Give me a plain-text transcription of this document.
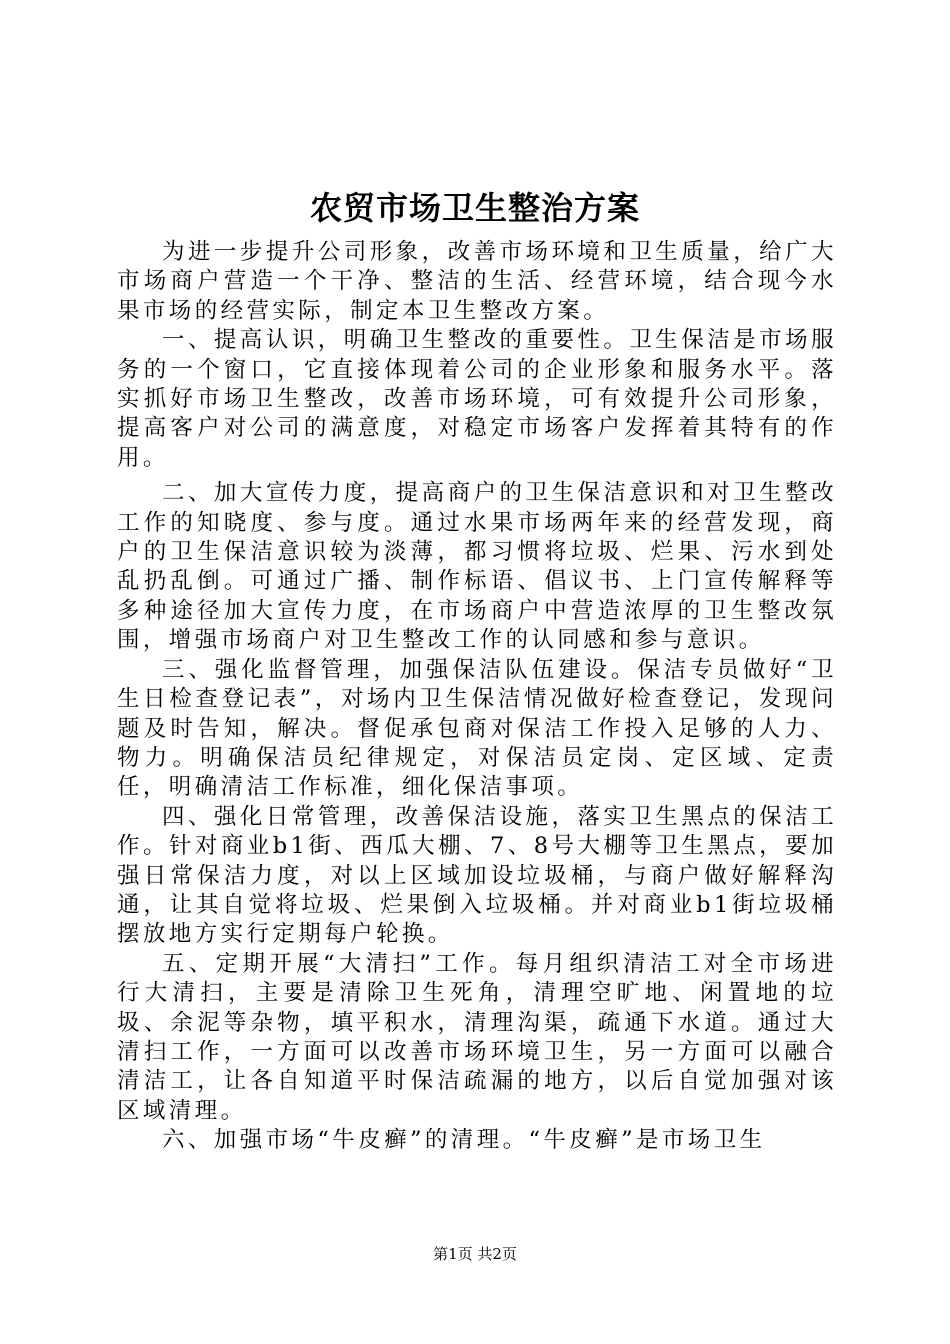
农贸市场卫生整治方案

为进一步提升公司形象，改善市场环境和卫生质量，给广大市场商户营造一个干净、整洁的生活、经营环境，结合现今水果市场的经营实际，制定本卫生整改方案。

一、提高认识，明确卫生整改的重要性。卫生保洁是市场服务的一个窗口，它直接体现着公司的企业形象和服务水平。落实抓好市场卫生整改，改善市场环境，可有效提升公司形象，提高客户对公司的满意度，对稳定市场客户发挥着其特有的作用。

二、加大宣传力度，提高商户的卫生保洁意识和对卫生整改工作的知晓度、参与度。通过水果市场两年来的经营发现，商户的卫生保洁意识较为淡薄，都习惯将垃圾、烂果、污水到处乱扔乱倒。可通过广播、制作标语、倡议书、上门宣传解释等多种途径加大宣传力度，在市场商户中营造浓厚的卫生整改氛围，增强市场商户对卫生整改工作的认同感和参与意识。

三、强化监督管理，加强保洁队伍建设。保洁专员做好“卫生日检查登记表”，对场内卫生保洁情况做好检查登记，发现问题及时告知，解决。督促承包商对保洁工作投入足够的人力、物力。明确保洁员纪律规定，对保洁员定岗、定区域、定责任，明确清洁工作标准，细化保洁事项。

四、强化日常管理，改善保洁设施，落实卫生黑点的保洁工作。针对商业b1街、西瓜大棚、7、8号大棚等卫生黑点，要加强日常保洁力度，对以上区域加设垃圾桶，与商户做好解释沟通，让其自觉将垃圾、烂果倒入垃圾桶。并对商业b1街垃圾桶摆放地方实行定期每户轮换。

五、定期开展“大清扫”工作。每月组织清洁工对全市场进行大清扫，主要是清除卫生死角，清理空旷地、闲置地的垃圾、余泥等杂物，填平积水，清理沟渠，疏通下水道。通过大清扫工作，一方面可以改善市场环境卫生，另一方面可以融合清洁工，让各自知道平时保洁疏漏的地方，以后自觉加强对该区域清理。

六、加强市场“牛皮癣”的清理。“牛皮癣”是市场卫生

第1页 共2页
